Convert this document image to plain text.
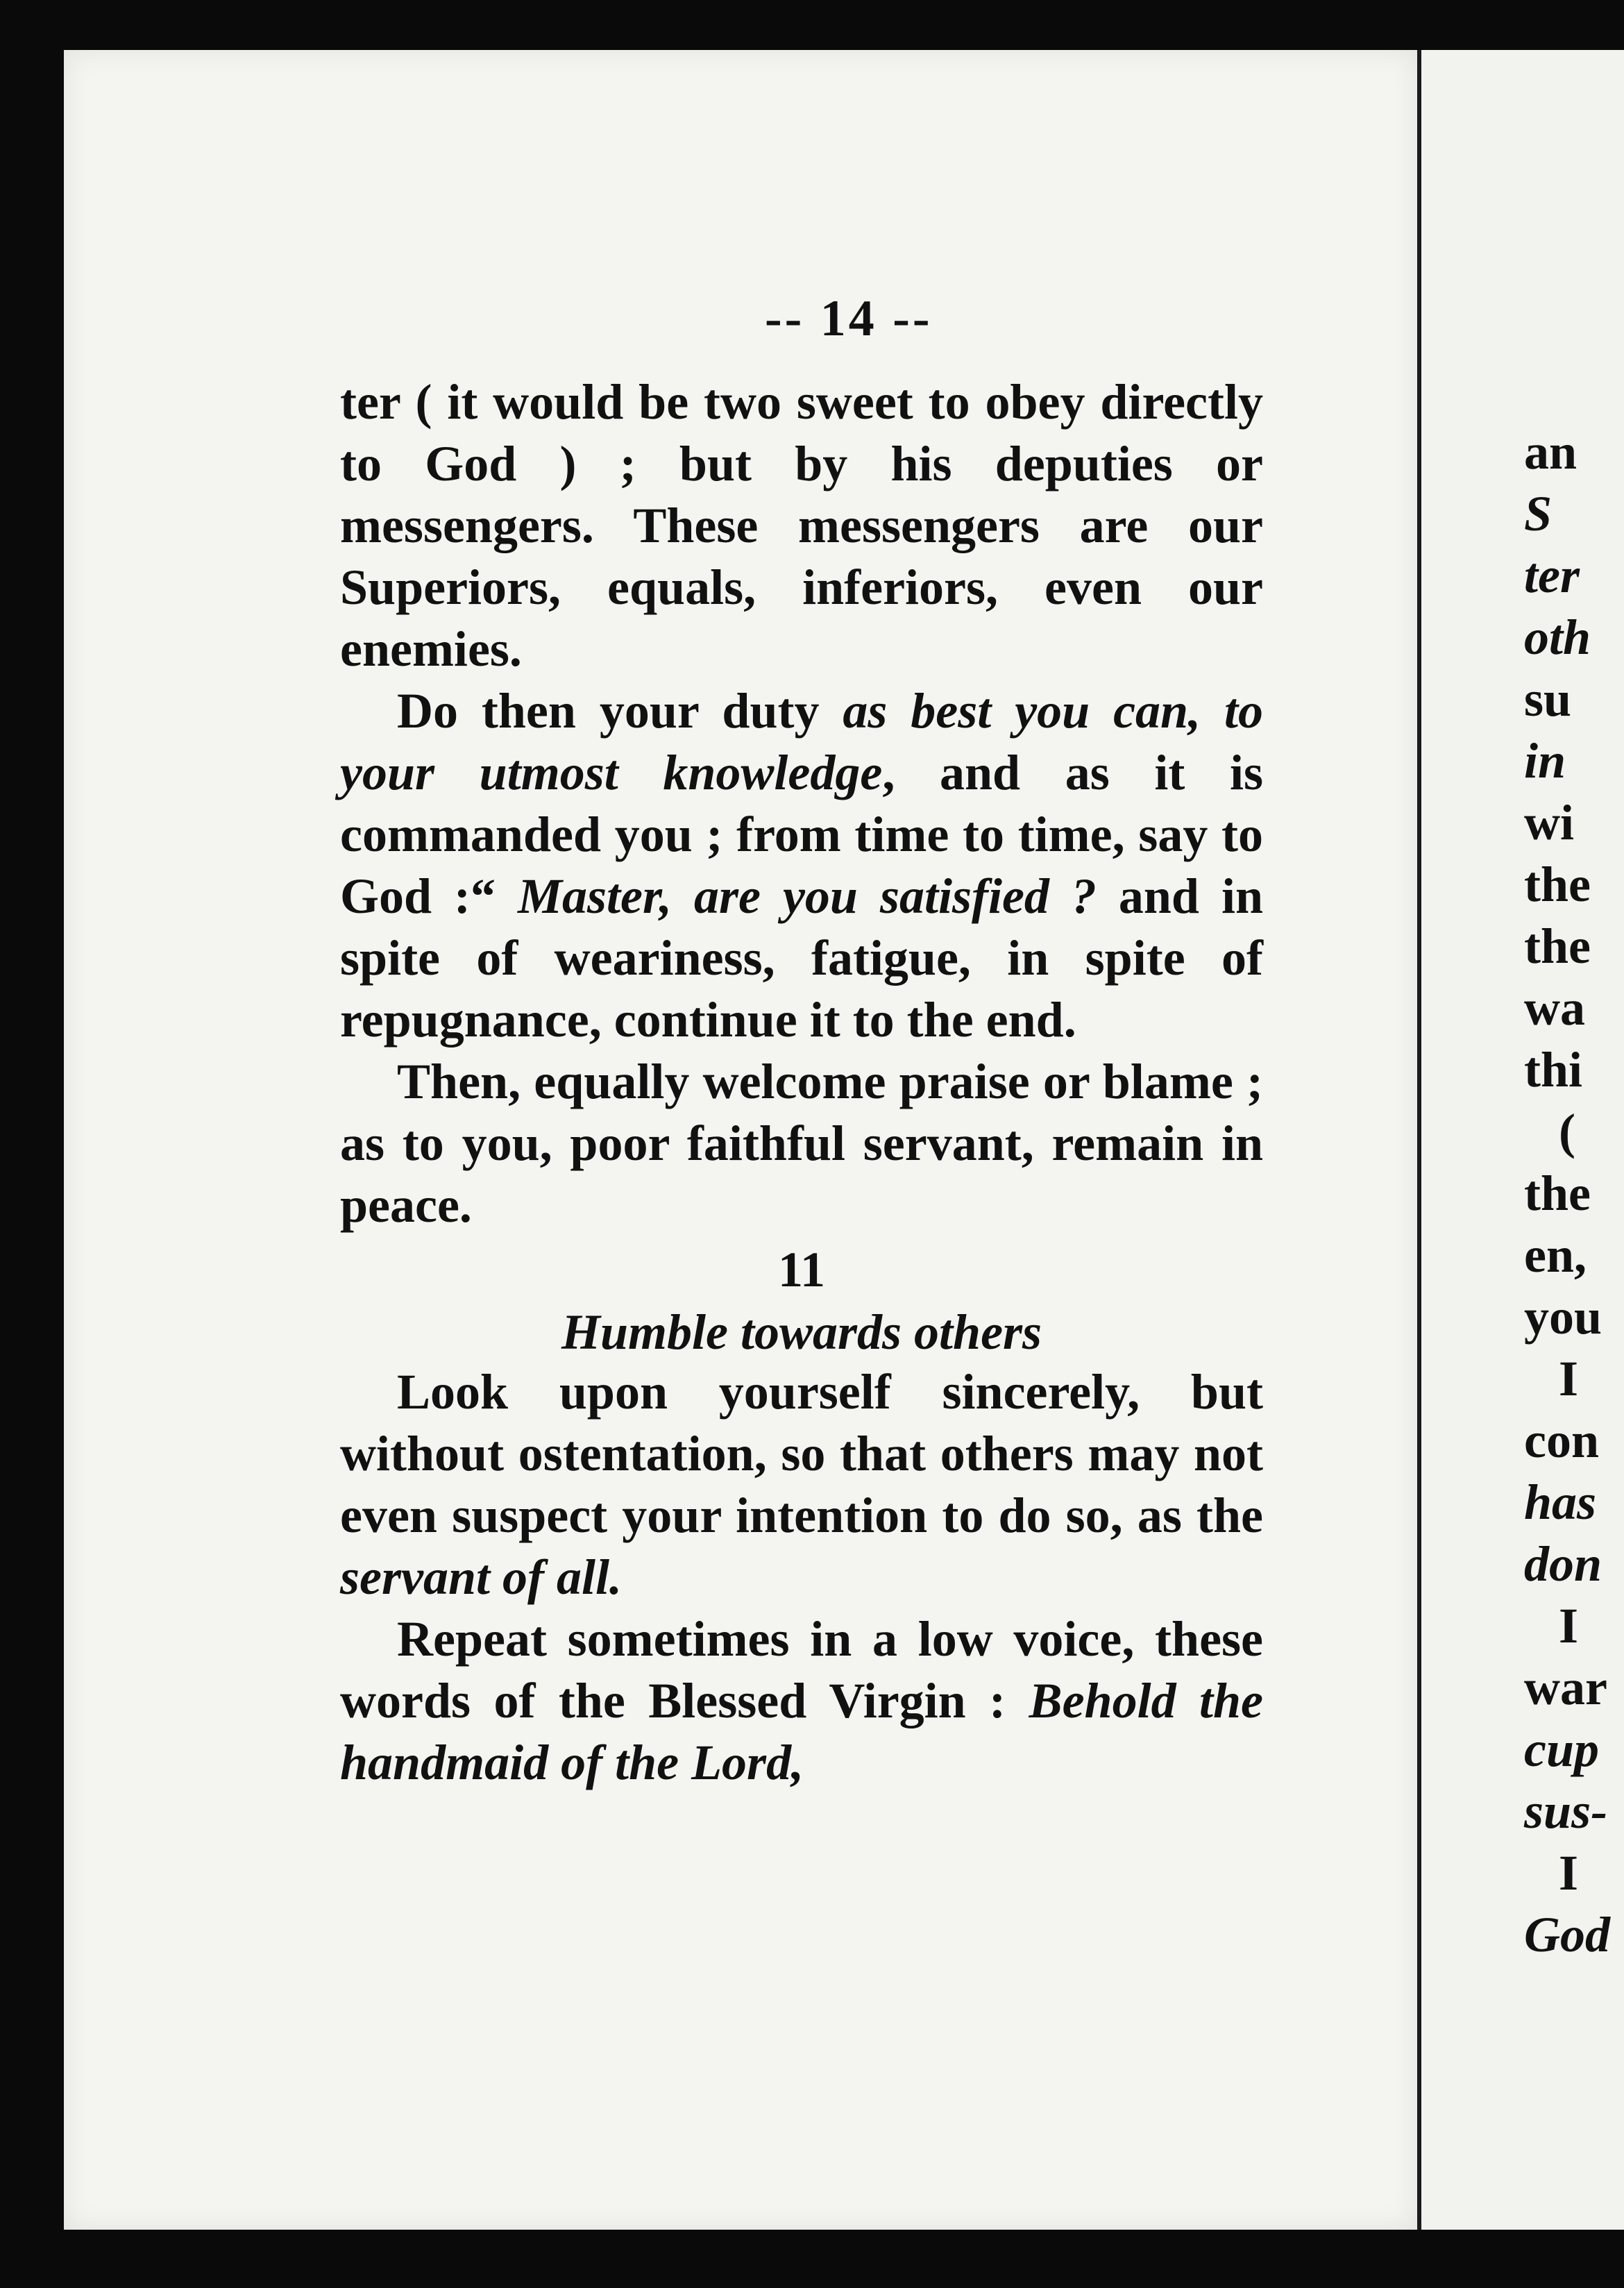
-- 14 --
an
S
ter
oth
su
in
wi
the
the
wa
thi
(
the
en,
you
I
con
has
don
I
war
cup
sus-
I
God

ter ( it would be two sweet to obey directly to God ) ; but by his deputies or messengers. These messengers are our Superiors, equals, inferiors, even our enemies.

Do then your duty as best you can, to your utmost knowledge, and as it is commanded you ; from time to time, say to God :“ Master, are you satisfied ? and in spite of weariness, fatigue, in spite of repugnance, continue it to the end.

Then, equally welcome praise or blame ; as to you, poor faithful servant, remain in peace.

11

Humble towards others

Look upon yourself sincerely, but without ostentation, so that others may not even suspect your intention to do so, as the servant of all.

Repeat sometimes in a low voice, these words of the Blessed Virgin : Behold the handmaid of the Lord,
